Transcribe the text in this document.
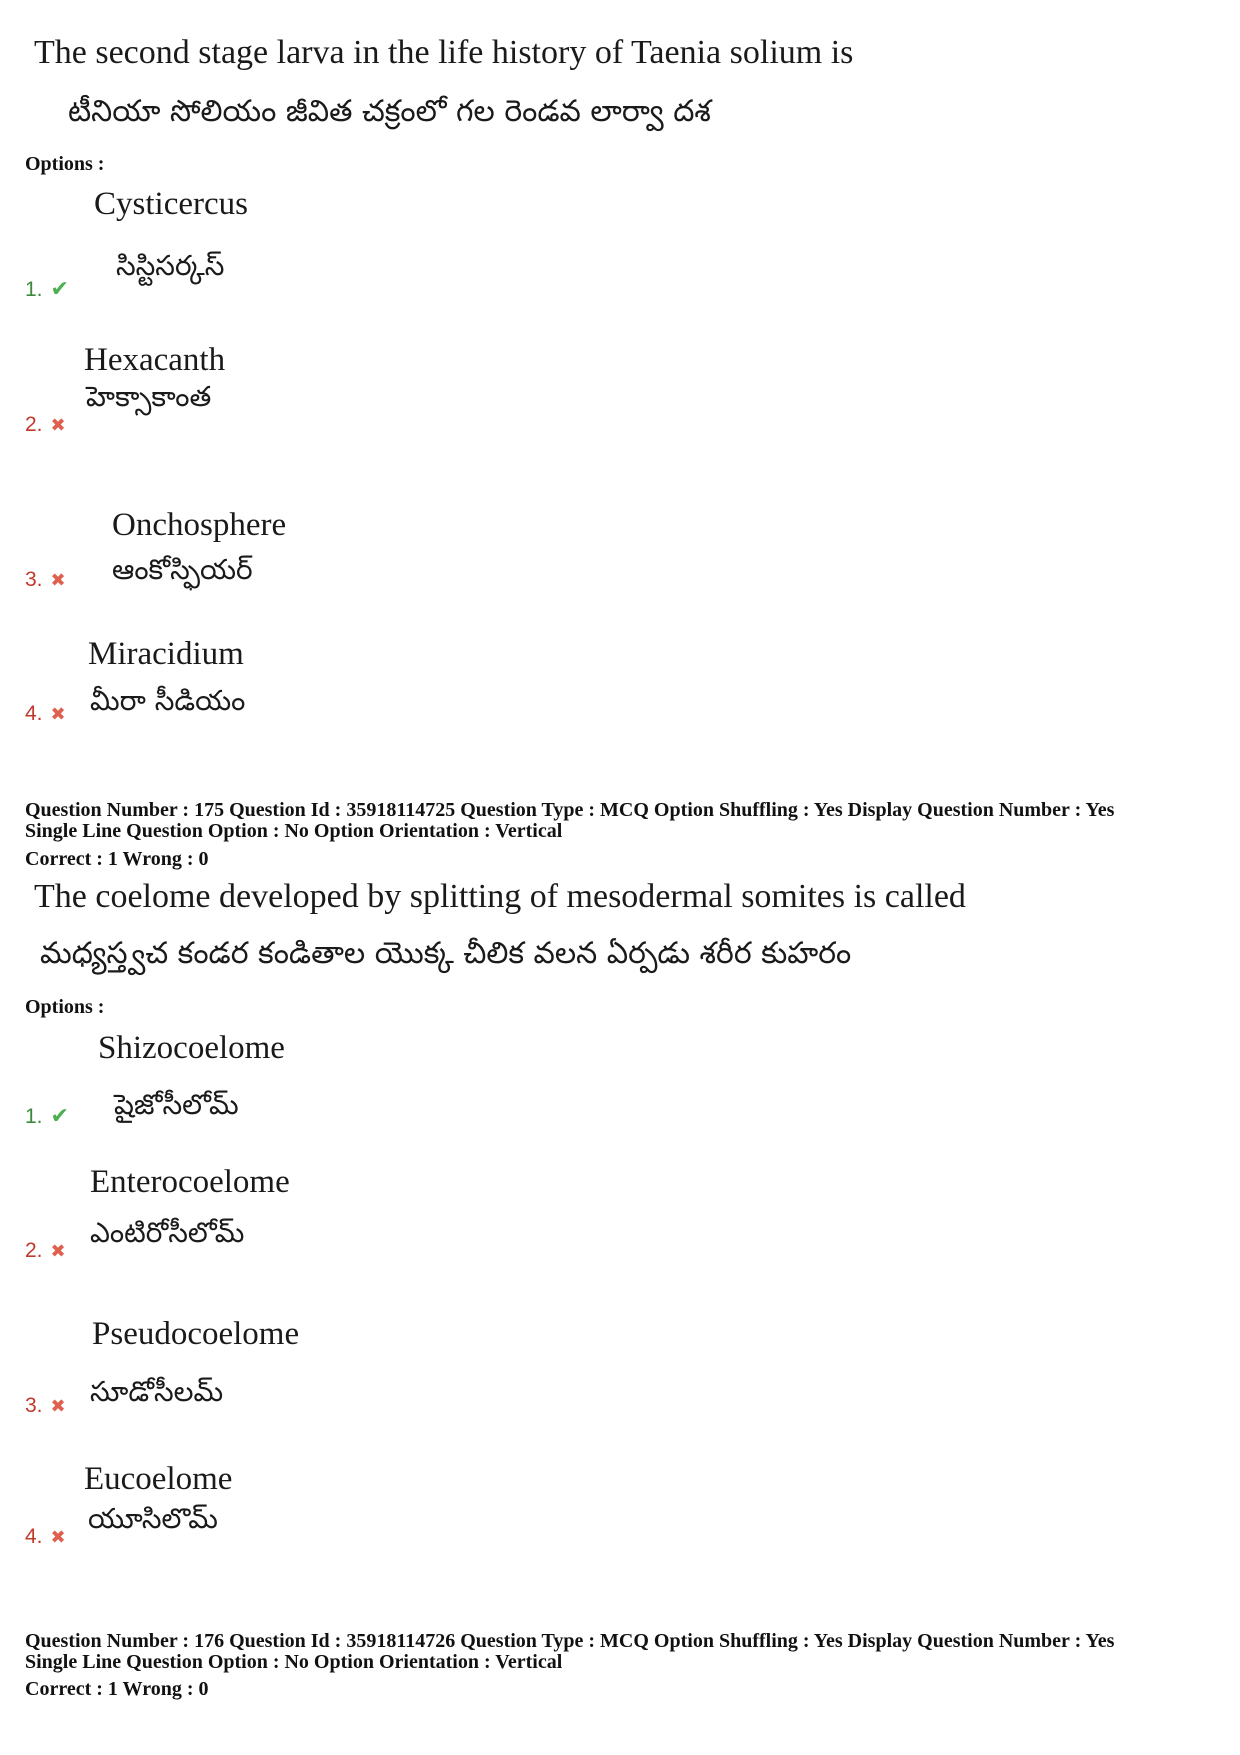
The second stage larva in the life history of Taenia solium is
టీనియా సోలియం జీవిత చక్రంలో గల రెండవ లార్వా దశ
Options :
Cysticercus
సిస్టిసర్కస్
1. ✔
Hexacanth
హెక్సాకాంత
2. ✖
Onchosphere
ఆంకోస్ఫియర్
3. ✖
Miracidium
మీరా సీడియం
4. ✖
Question Number : 175 Question Id : 35918114725 Question Type : MCQ Option Shuffling : Yes Display Question Number : Yes
Single Line Question Option : No Option Orientation : Vertical
Correct : 1 Wrong : 0
The coelome developed by splitting of mesodermal somites is called
మధ్యస్త్వచ కండర కండితాల యొక్క చీలిక వలన ఏర్పడు శరీర కుహరం
Options :
Shizocoelome
షైజోసీలోమ్
1. ✔
Enterocoelome
ఎంటిరోసీలోమ్
2. ✖
Pseudocoelome
సూడోసీలమ్
3. ✖
Eucoelome
యూసిలొమ్
4. ✖
Question Number : 176 Question Id : 35918114726 Question Type : MCQ Option Shuffling : Yes Display Question Number : Yes
Single Line Question Option : No Option Orientation : Vertical
Correct : 1 Wrong : 0
